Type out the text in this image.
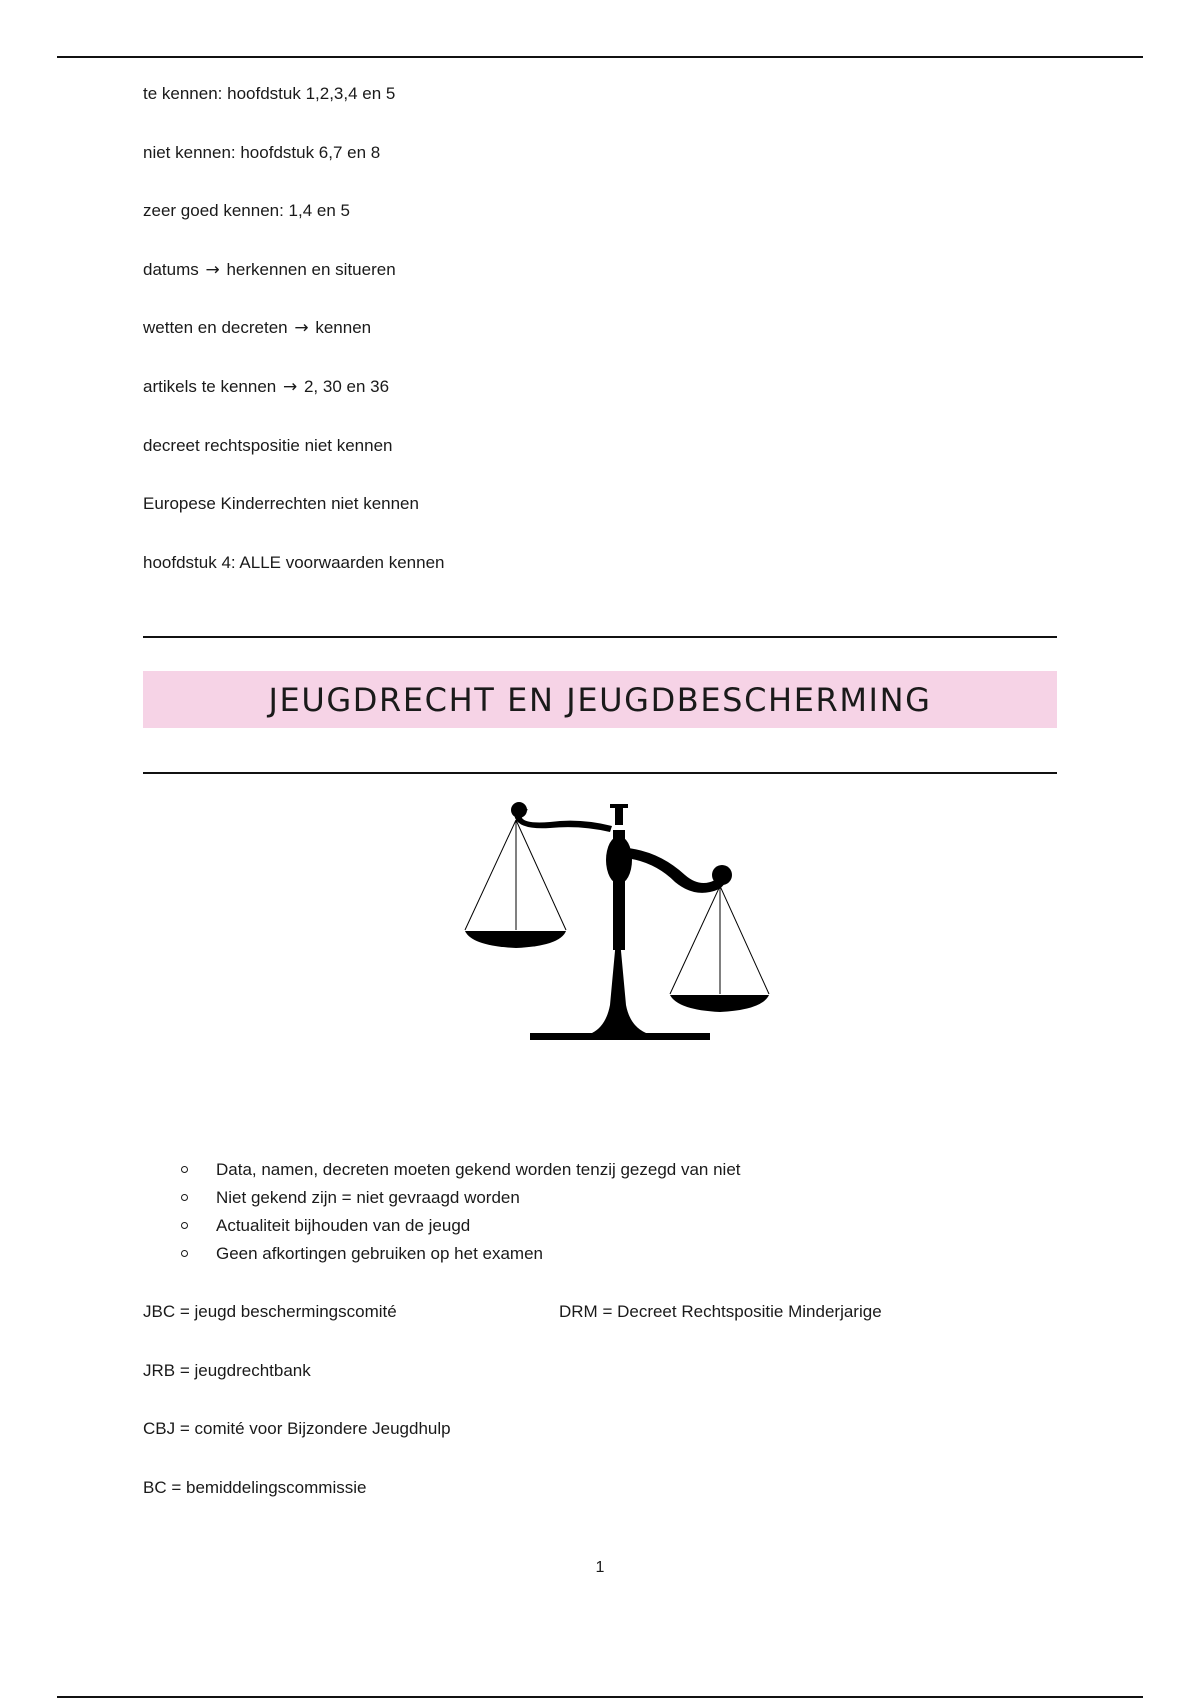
te kennen: hoofdstuk 1,2,3,4 en 5
niet kennen: hoofdstuk 6,7 en 8
zeer goed kennen: 1,4 en 5
datums → herkennen en situeren
wetten en decreten → kennen
artikels te kennen → 2, 30 en 36
decreet rechtspositie niet kennen
Europese Kinderrechten niet kennen
hoofdstuk 4: ALLE voorwaarden kennen
JEUGDRECHT EN JEUGDBESCHERMING
Data, namen, decreten moeten gekend worden tenzij gezegd van niet
Niet gekend zijn = niet gevraagd worden
Actualiteit bijhouden van de jeugd
Geen afkortingen gebruiken op het examen
JBC = jeugd beschermingscomité	DRM = Decreet Rechtspositie Minderjarige
JRB = jeugdrechtbank
CBJ = comité voor Bijzondere Jeugdhulp
BC = bemiddelingscommissie
1
